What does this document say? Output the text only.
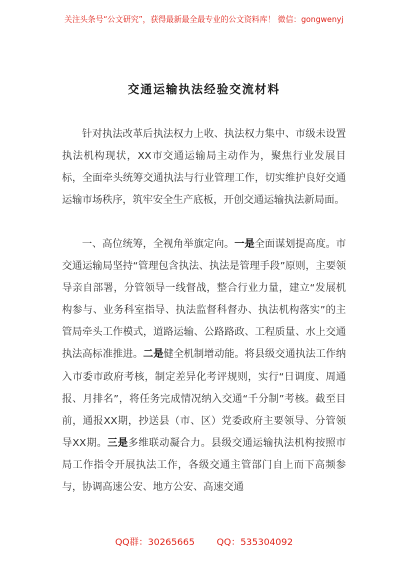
关注头条号“公文研究”，获得最新最全最专业的公文资料库！ 微信：gongwenyj
交通运输执法经验交流材料
针对执法改革后执法权力上收、执法权力集中、市级未设置执法机构现状，XX市交通运输局主动作为，聚焦行业发展目标，全面牵头统筹交通执法与行业管理工作，切实维护良好交通运输市场秩序，筑牢安全生产底板，开创交通运输执法新局面。
一、高位统筹，全视角举旗定向。一是全面谋划提高度。市交通运输局坚持“管理包含执法、执法是管理手段”原则，主要领导亲自部署，分管领导一线督战，整合行业力量，建立“发展机构参与、业务科室指导、执法监督科督办、执法机构落实”的主管局牵头工作模式，道路运输、公路路政、工程质量、水上交通执法高标准推进。二是健全机制增动能。将县级交通执法工作纳入市委市政府考核，制定差异化考评规则，实行“日调度、周通报、月排名”，将任务完成情况纳入交通“千分制”考核。截至目前，通报XX期，抄送县（市、区）党委政府主要领导、分管领导XX期。三是多维联动凝合力。县级交通运输执法机构按照市局工作指令开展执法工作，各级交通主管部门自上而下高频参与，协调高速公安、地方公安、高速交通
QQ群：30265665 QQ：535304092
